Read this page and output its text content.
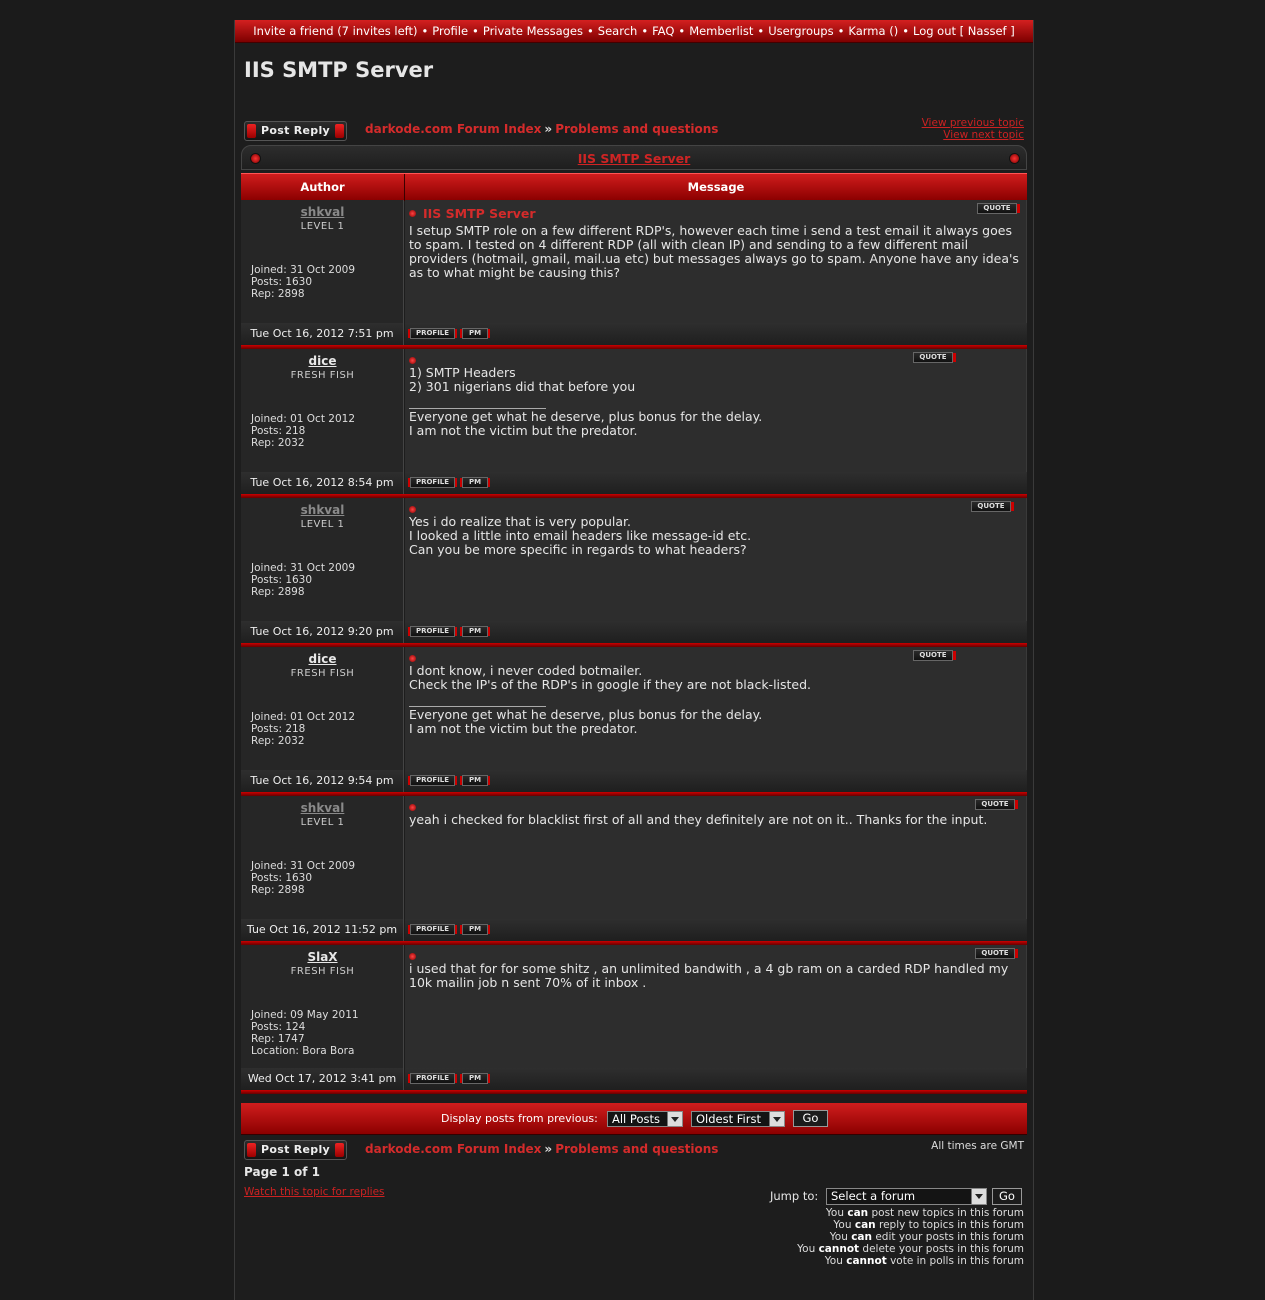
Invite a friend (7 invites left) • Profile • Private Messages • Search • FAQ • Memberlist • Usergroups • Karma () • Log out [ Nassef ]
IIS SMTP Server
Post Reply	darkode.com Forum Index » Problems and questions	View previous topic
View next topic
IIS SMTP Server
Author	Message
shkval
LEVEL 1
Joined: 31 Oct 2009
Posts: 1630
Rep: 2898
IIS SMTP Server	QUOTE
I setup SMTP role on a few different RDP's, however each time i send a test email it always goes to spam. I tested on 4 different RDP (all with clean IP) and sending to a few different mail providers (hotmail, gmail, mail.ua etc) but messages always go to spam. Anyone have any idea's as to what might be causing this?
Tue Oct 16, 2012 7:51 pm	PROFILE	PM
dice
FRESH FISH
Joined: 01 Oct 2012
Posts: 218
Rep: 2032
QUOTE
1) SMTP Headers
2) 301 nigerians did that before you
Everyone get what he deserve, plus bonus for the delay.
I am not the victim but the predator.
Tue Oct 16, 2012 8:54 pm	PROFILE	PM
shkval
LEVEL 1
Joined: 31 Oct 2009
Posts: 1630
Rep: 2898
QUOTE
Yes i do realize that is very popular.
I looked a little into email headers like message-id etc.
Can you be more specific in regards to what headers?
Tue Oct 16, 2012 9:20 pm	PROFILE	PM
dice
FRESH FISH
Joined: 01 Oct 2012
Posts: 218
Rep: 2032
QUOTE
I dont know, i never coded botmailer.
Check the IP's of the RDP's in google if they are not black-listed.
Everyone get what he deserve, plus bonus for the delay.
I am not the victim but the predator.
Tue Oct 16, 2012 9:54 pm	PROFILE	PM
shkval
LEVEL 1
Joined: 31 Oct 2009
Posts: 1630
Rep: 2898
QUOTE
yeah i checked for blacklist first of all and they definitely are not on it.. Thanks for the input.
Tue Oct 16, 2012 11:52 pm	PROFILE	PM
SlaX
FRESH FISH
Joined: 09 May 2011
Posts: 124
Rep: 1747
Location: Bora Bora
QUOTE
i used that for for some shitz , an unlimited bandwith , a 4 gb ram on a carded RDP handled my 10k mailin job n sent 70% of it inbox .
Wed Oct 17, 2012 3:41 pm	PROFILE	PM
Display posts from previous:	All Posts	Oldest First	Go
Post Reply	darkode.com Forum Index » Problems and questions	All times are GMT
Page 1 of 1
Watch this topic for replies	Jump to:	Select a forum	Go
You can post new topics in this forum
You can reply to topics in this forum
You can edit your posts in this forum
You cannot delete your posts in this forum
You cannot vote in polls in this forum
